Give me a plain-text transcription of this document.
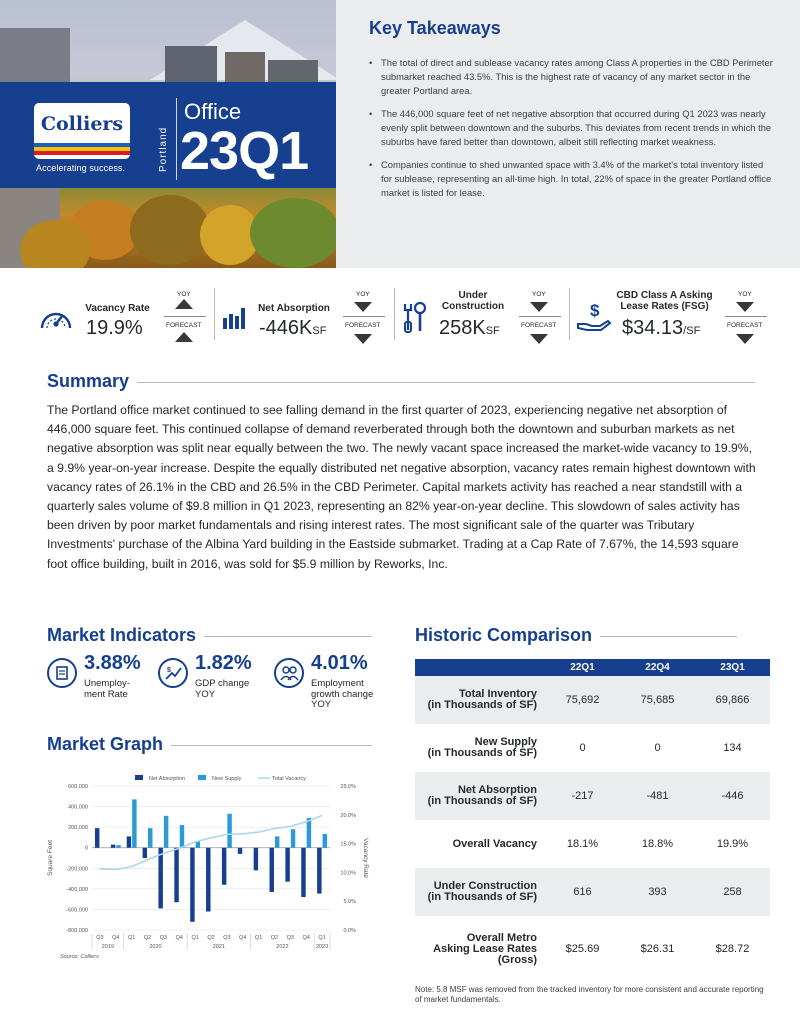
Colliers
Accelerating success.	Portland
Office
23Q1
Key Takeaways
• The total of direct and sublease vacancy rates among Class A properties in the CBD Perimeter submarket reached 43.5%. This is the highest rate of vacancy of any market sector in the greater Portland area.
• The 446,000 square feet of net negative absorption that occurred during Q1 2023 was nearly evenly split between downtown and the suburbs. This deviates from recent trends in which the suburbs have fared better than downtown, albeit still reflecting market weakness.
• Companies continue to shed unwanted space with 3.4% of the market's total inventory listed for sublease, representing an all-time high. In total, 22% of space in the greater Portland office market is listed for lease.
Vacancy Rate
19.9%
YOY
FORECAST
Net Absorption
-446KSF
YOY
FORECAST
Under Construction
258KSF
YOY
FORECAST
$
CBD Class A Asking Lease Rates (FSG)
$34.13/SF
YOY
FORECAST
Summary

The Portland office market continued to see falling demand in the first quarter of 2023, experiencing negative net absorption of 446,000 square feet. This continued collapse of demand reverberated through both the downtown and suburban markets as net negative absorption was split near equally between the two. The newly vacant space increased the market-wide vacancy to 19.9%, a 9.9% year-on-year increase. Despite the equally distributed net negative absorption, vacancy rates remain highest downtown with vacancy rates of 26.1% in the CBD and 26.5% in the CBD Perimeter. Capital markets activity has reached a near standstill with a quarterly sales volume of $9.8 million in Q1 2023, representing an 82% year-on-year decline. This slowdown of sales activity has been driven by poor market fundamentals and rising interest rates. The most significant sale of the quarter was Tributary Investments' purchase of the Albina Yard building in the Eastside submarket. Trading at a Cap Rate of 7.67%, the 14,593 square foot office building, built in 2016, was sold for $5.9 million by Reworks, Inc.

Market Indicators
3.88%
Unemploy-
ment Rate
$ 1.82%
GDP change
YOY
4.01%
Employment
growth change
YOY
Market Graph
Net Absorption	New Supply	Total Vacancy
600,000
400,000
200,000
0
-200,000
-400,000
-600,000
-800,000
25.0%
20.0%
15.0%
10.0%
5.0%
0.0%
Square Feet	Vacancy Rate
Q3 Q4 Q1 Q2 Q3 Q4 Q1 Q2 Q3 Q4 Q1 Q2 Q3 Q4 Q1
2019	2020	2021	2022	2023
Source: Colliers
Historic Comparison
	22Q1	22Q4	23Q1

Total Inventory
(in Thousands of SF)	75,692	75,685	69,866

New Supply
(in Thousands of SF)	0	0	134

Net Absorption
(in Thousands of SF)	-217	-481	-446

Overall Vacancy	18.1%	18.8%	19.9%

Under Construction
(in Thousands of SF)	616	393	258

Overall Metro
Asking Lease Rates
(Gross)	$25.69	$26.31	$28.72
Note: 5.8 MSF was removed from the tracked inventory for more consistent and accurate reporting of market fundamentals.
